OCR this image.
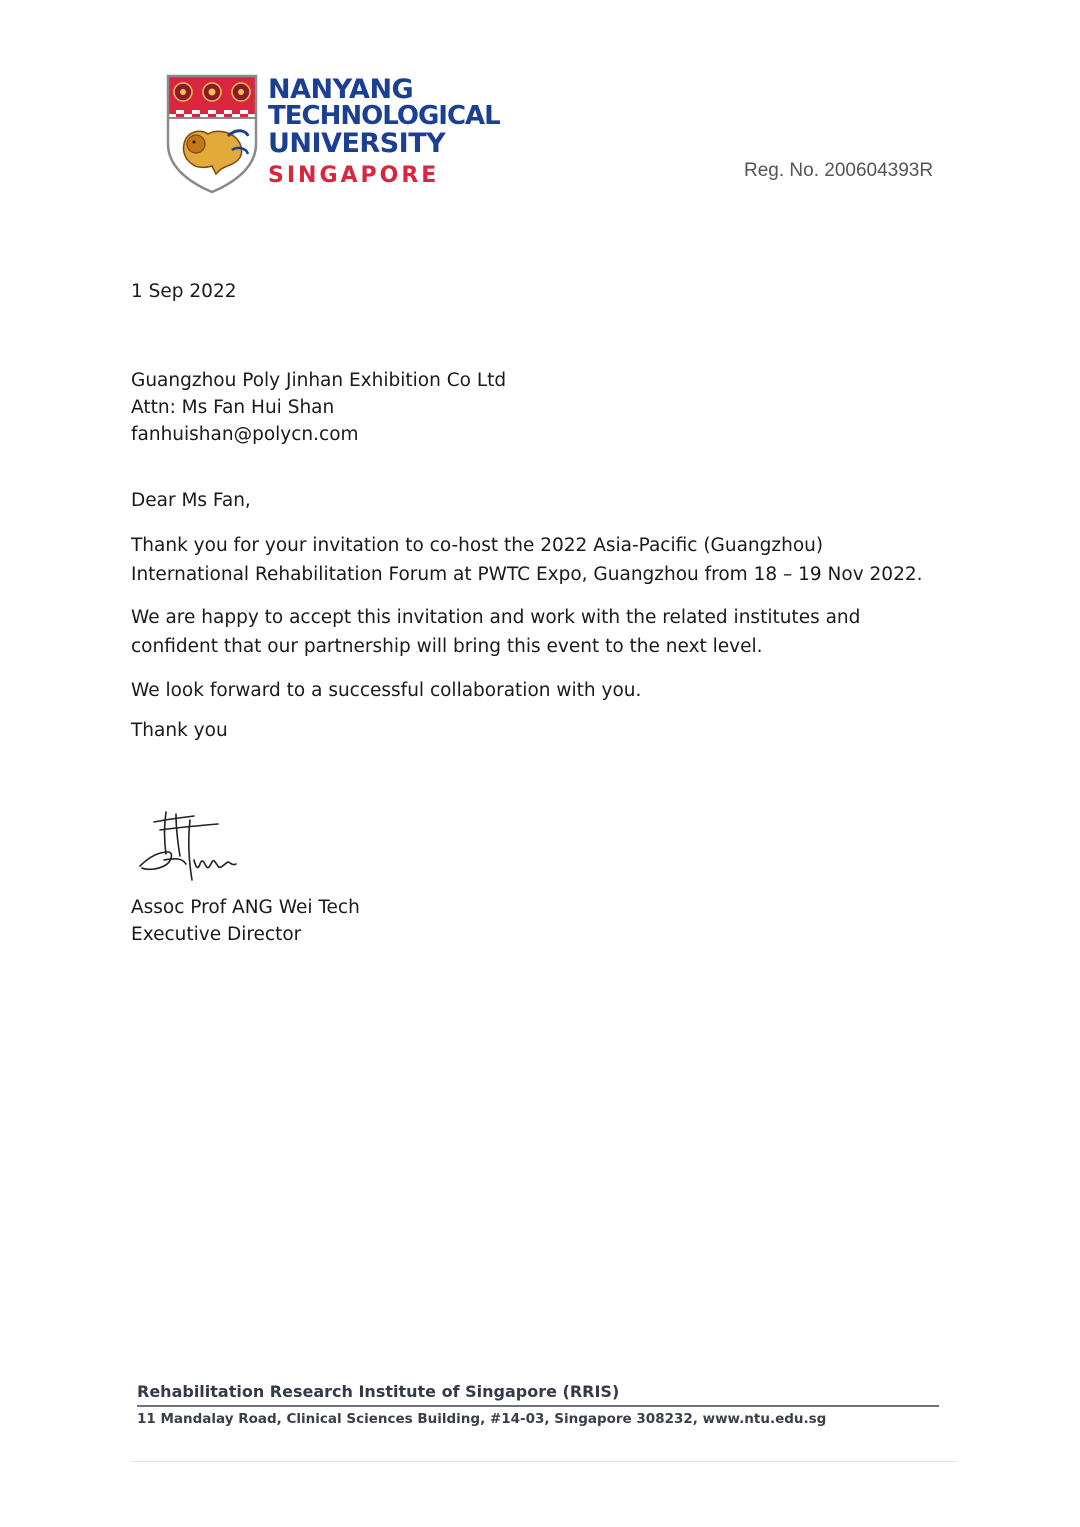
NANYANG
TECHNOLOGICAL
UNIVERSITY
SINGAPORE	Reg. No. 200604393R
1 Sep 2022
Guangzhou Poly Jinhan Exhibition Co Ltd
Attn: Ms Fan Hui Shan
fanhuishan@polycn.com
Dear Ms Fan,
Thank you for your invitation to co-host the 2022 Asia-Pacific (Guangzhou) International Rehabilitation Forum at PWTC Expo, Guangzhou from 18 – 19 Nov 2022.
We are happy to accept this invitation and work with the related institutes and confident that our partnership will bring this event to the next level.
We look forward to a successful collaboration with you.
Thank you
Assoc Prof ANG Wei Tech
Executive Director
Rehabilitation Research Institute of Singapore (RRIS)
11 Mandalay Road, Clinical Sciences Building, #14-03, Singapore 308232, www.ntu.edu.sg
